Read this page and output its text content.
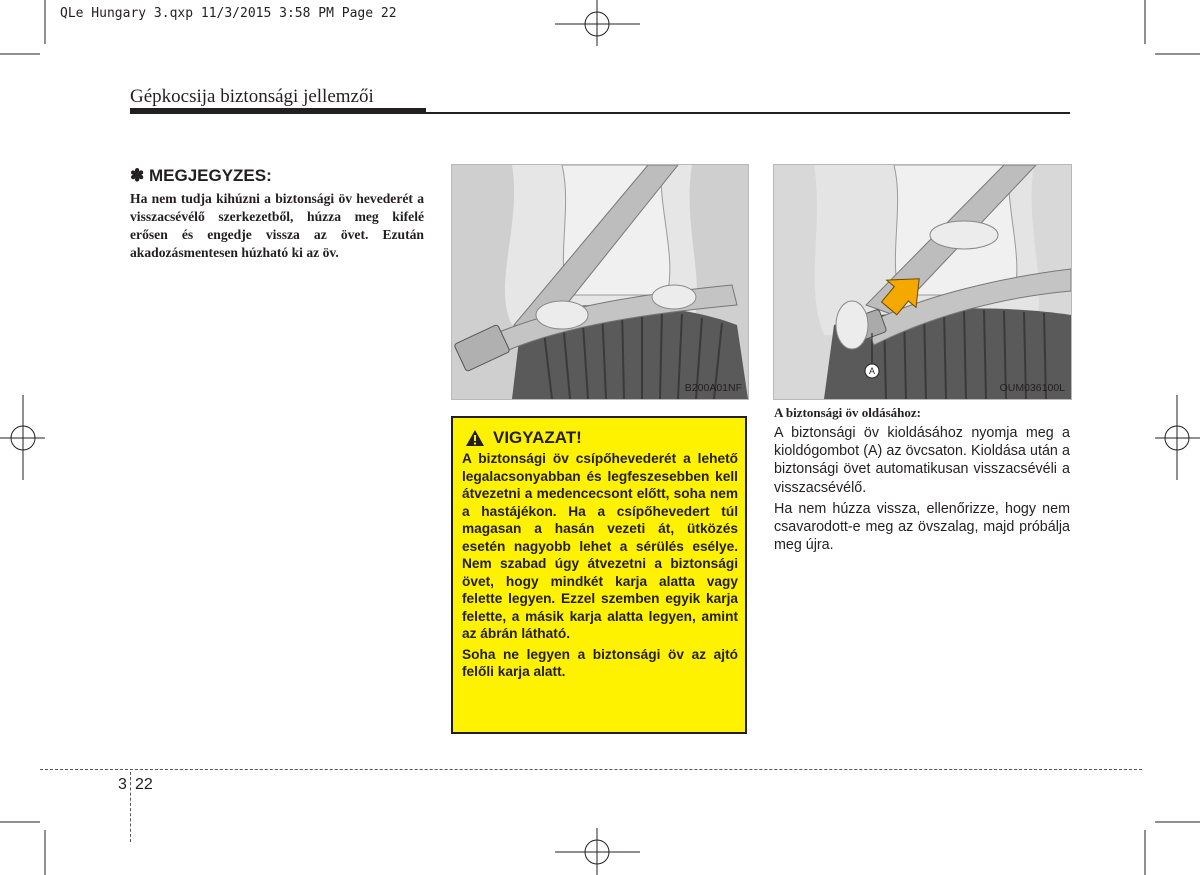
QLe Hungary 3.qxp 11/3/2015 3:58 PM Page 22
Gépkocsija biztonsági jellemzői
✽ MEGJEGYZES:
Ha nem tudja kihúzni a biztonsági öv hevederét a visszacsévélő szerkezetből, húzza meg kifelé erősen és engedje vissza az övet. Ezután akadozásmentesen húzható ki az öv.
B200A01NF
A
OUM036100L
VIGYAZAT!

A biztonsági öv csípőhevederét a lehető legalacsonyabban és legfeszesebben kell átvezetni a medencecsont előtt, soha nem a hastájékon. Ha a csípőhevedert túl magasan a hasán vezeti át, ütközés esetén nagyobb lehet a sérülés esélye. Nem szabad úgy átvezetni a biztonsági övet, hogy mindkét karja alatta vagy felette legyen. Ezzel szemben egyik karja felette, a másik karja alatta legyen, amint az ábrán látható.

Soha ne legyen a biztonsági öv az ajtó felőli karja alatt.

A biztonsági öv oldásához:

A biztonsági öv kioldásához nyomja meg a kioldógombot (A) az övcsaton. Kioldása után a biztonsági övet automatikusan visszacsévéli a visszacsévélő.

Ha nem húzza vissza, ellenőrizze, hogy nem csavarodott-e meg az övszalag, majd próbálja meg újra.

3 22
